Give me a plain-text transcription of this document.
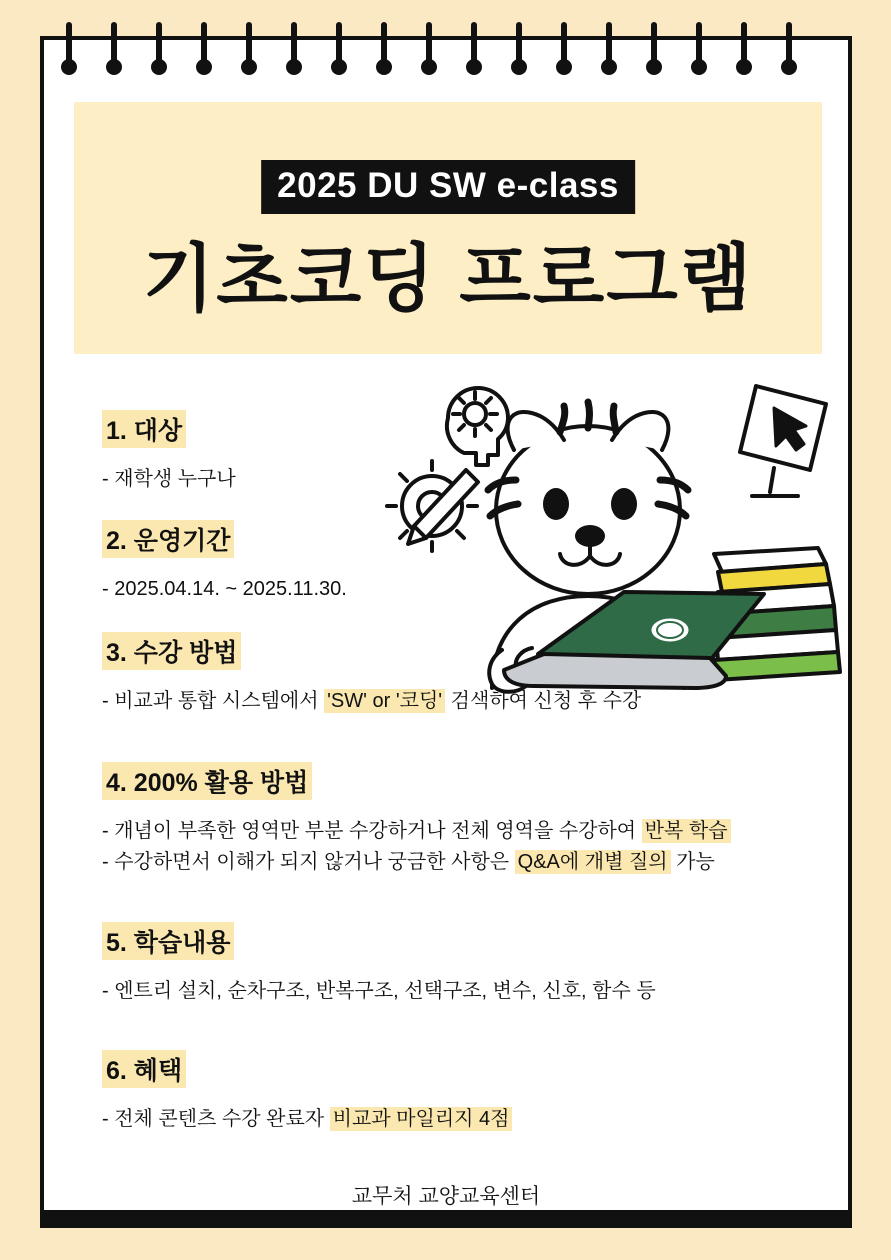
2025 DU SW e-class
기초코딩 프로그램
1. 대상
- 재학생 누구나
2. 운영기간
- 2025.04.14. ~ 2025.11.30.
3. 수강 방법
- 비교과 통합 시스템에서 'SW' or '코딩' 검색하여 신청 후 수강
4. 200% 활용 방법
- 개념이 부족한 영역만 부분 수강하거나 전체 영역을 수강하여 반복 학습
- 수강하면서 이해가 되지 않거나 궁금한 사항은 Q&A에 개별 질의 가능
5. 학습내용
- 엔트리 설치, 순차구조, 반복구조, 선택구조, 변수, 신호, 함수 등
6. 혜택
- 전체 콘텐츠 수강 완료자 비교과 마일리지 4점
교무처 교양교육센터
